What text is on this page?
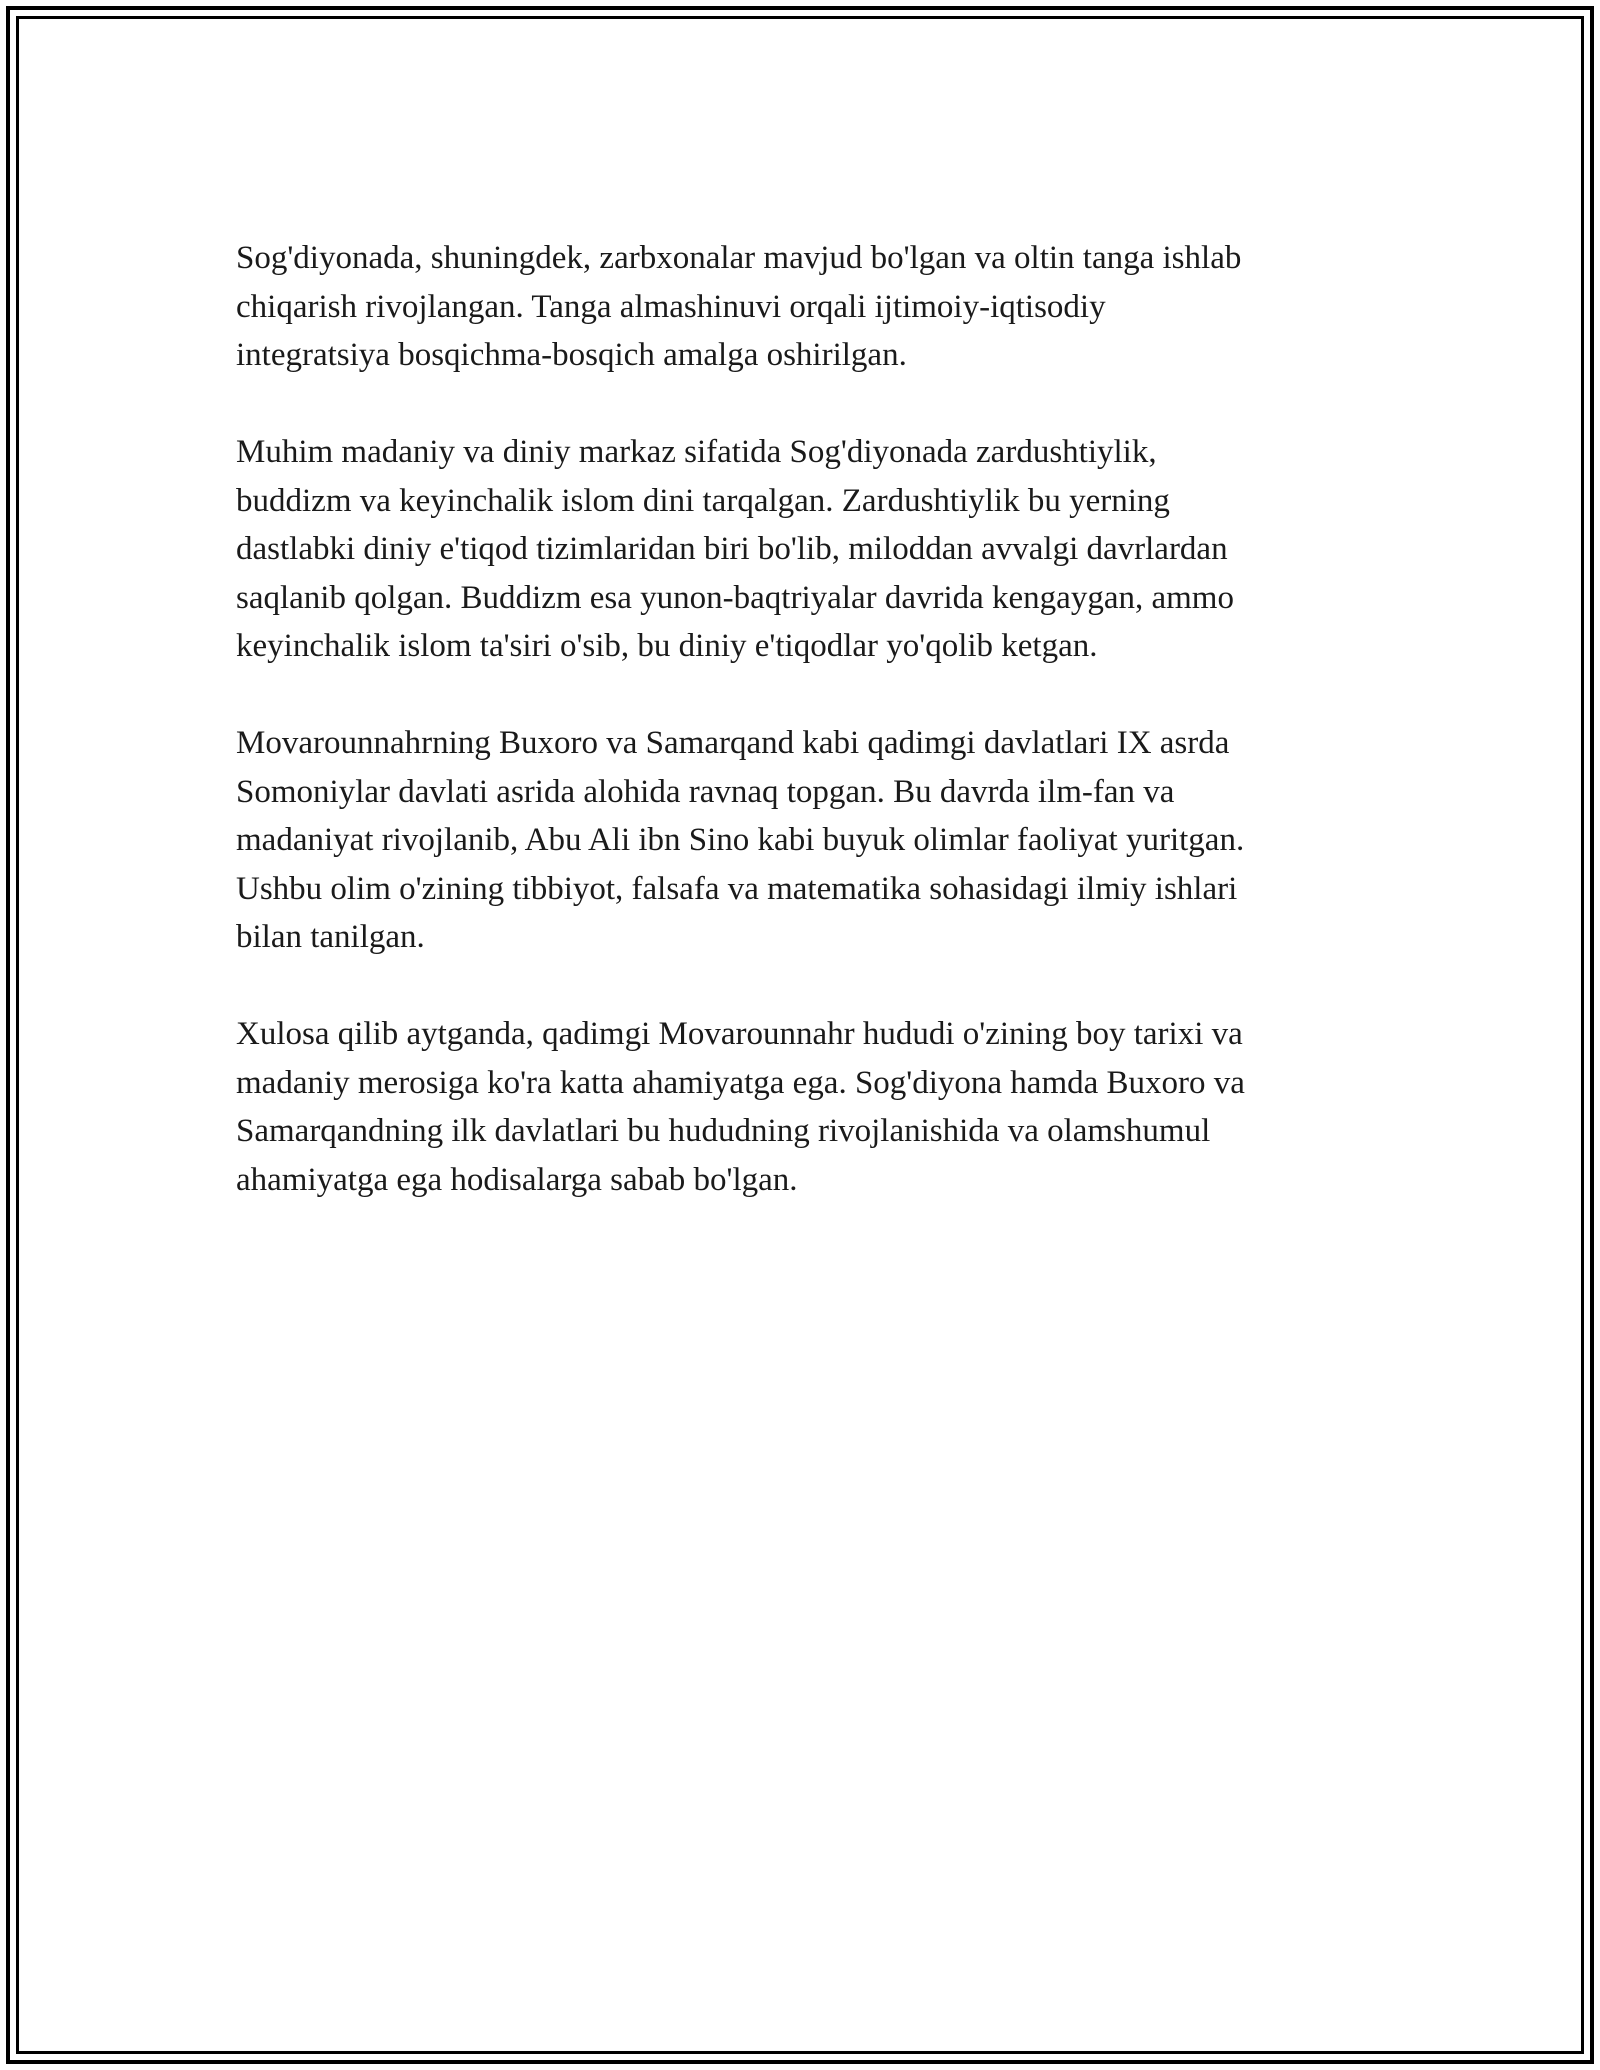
Sog'diyonada, shuningdek, zarbxonalar mavjud bo'lgan va oltin tanga ishlab
chiqarish rivojlangan. Tanga almashinuvi orqali ijtimoiy-iqtisodiy
integratsiya bosqichma-bosqich amalga oshirilgan.

Muhim madaniy va diniy markaz sifatida Sog'diyonada zardushtiylik,
buddizm va keyinchalik islom dini tarqalgan. Zardushtiylik bu yerning
dastlabki diniy e'tiqod tizimlaridan biri bo'lib, miloddan avvalgi davrlardan
saqlanib qolgan. Buddizm esa yunon-baqtriyalar davrida kengaygan, ammo
keyinchalik islom ta'siri o'sib, bu diniy e'tiqodlar yo'qolib ketgan.

Movarounnahrning Buxoro va Samarqand kabi qadimgi davlatlari IX asrda
Somoniylar davlati asrida alohida ravnaq topgan. Bu davrda ilm-fan va
madaniyat rivojlanib, Abu Ali ibn Sino kabi buyuk olimlar faoliyat yuritgan.
Ushbu olim o'zining tibbiyot, falsafa va matematika sohasidagi ilmiy ishlari
bilan tanilgan.

Xulosa qilib aytganda, qadimgi Movarounnahr hududi o'zining boy tarixi va
madaniy merosiga ko'ra katta ahamiyatga ega. Sog'diyona hamda Buxoro va
Samarqandning ilk davlatlari bu hududning rivojlanishida va olamshumul
ahamiyatga ega hodisalarga sabab bo'lgan.
